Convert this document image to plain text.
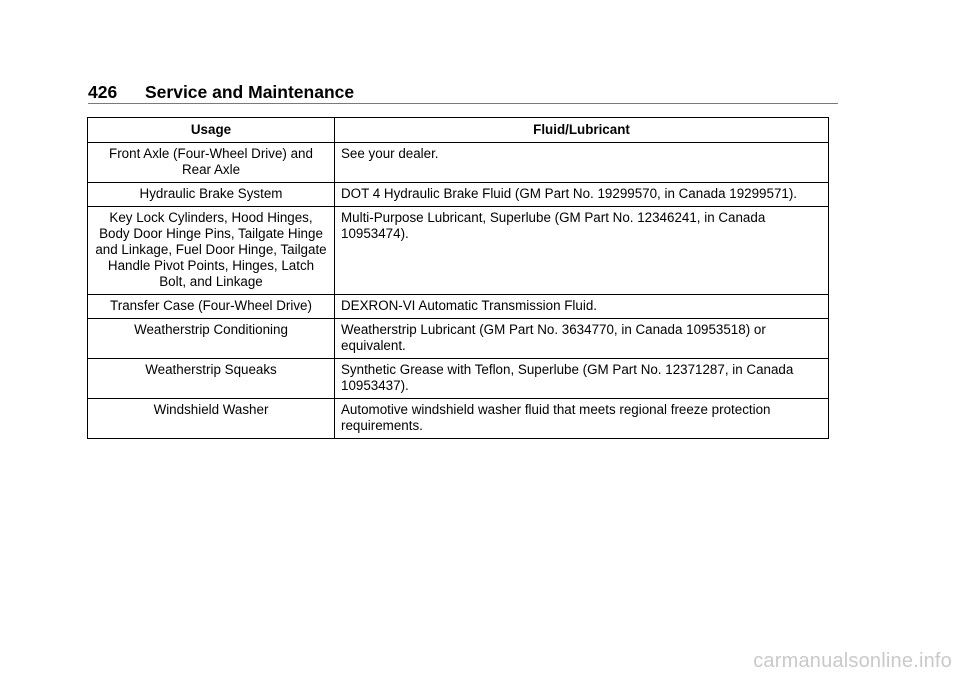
426 Service and Maintenance
Usage	Fluid/Lubricant
Front Axle (Four-Wheel Drive) and Rear Axle	See your dealer.
Hydraulic Brake System	DOT 4 Hydraulic Brake Fluid (GM Part No. 19299570, in Canada 19299571).
Key Lock Cylinders, Hood Hinges, Body Door Hinge Pins, Tailgate Hinge and Linkage, Fuel Door Hinge, Tailgate Handle Pivot Points, Hinges, Latch Bolt, and Linkage	Multi-Purpose Lubricant, Superlube (GM Part No. 12346241, in Canada 10953474).
Transfer Case (Four-Wheel Drive)	DEXRON-VI Automatic Transmission Fluid.
Weatherstrip Conditioning	Weatherstrip Lubricant (GM Part No. 3634770, in Canada 10953518) or equivalent.
Weatherstrip Squeaks	Synthetic Grease with Teflon, Superlube (GM Part No. 12371287, in Canada 10953437).
Windshield Washer	Automotive windshield washer fluid that meets regional freeze protection requirements.
carmanualsonline.info
